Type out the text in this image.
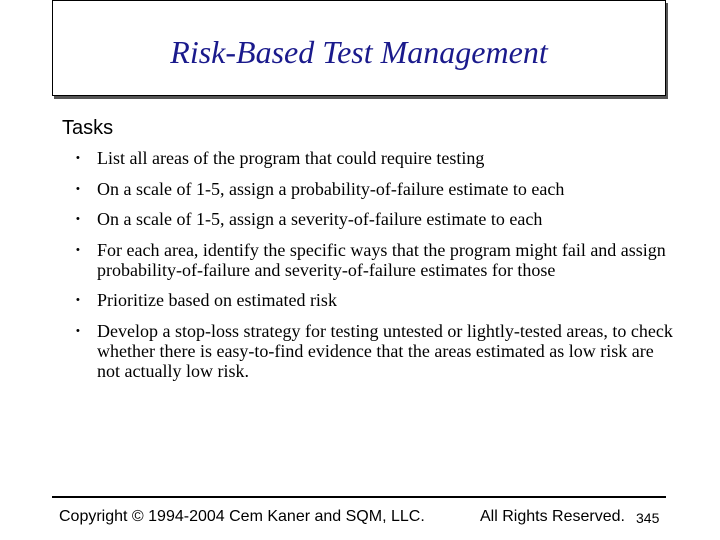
Risk-Based Test Management
Tasks
• List all areas of the program that could require testing
• On a scale of 1-5, assign a probability-of-failure estimate to each
• On a scale of 1-5, assign a severity-of-failure estimate to each
• For each area, identify the specific ways that the program might fail and assign probability-of-failure and severity-of-failure estimates for those
• Prioritize based on estimated risk
• Develop a stop-loss strategy for testing untested or lightly-tested areas, to check whether there is easy-to-find evidence that the areas estimated as low risk are not actually low risk.
Copyright © 1994-2004 Cem Kaner and SQM, LLC.	All Rights Reserved. 345
